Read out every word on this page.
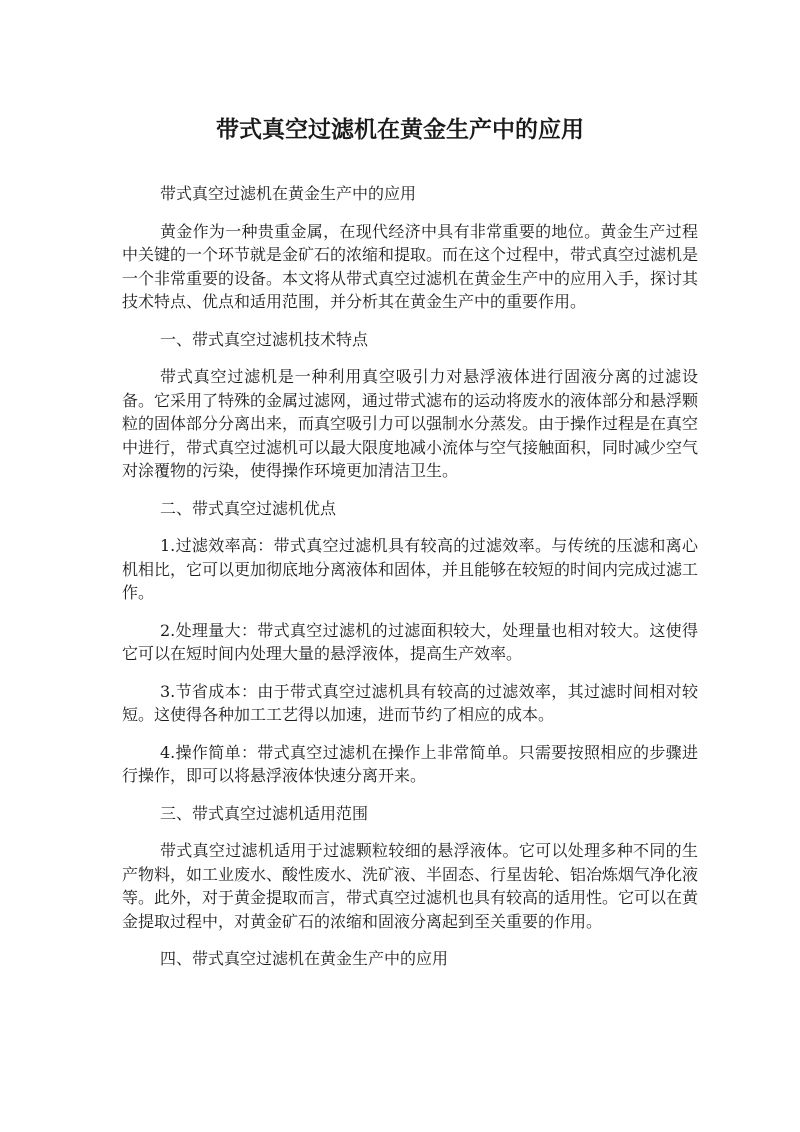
带式真空过滤机在黄金生产中的应用

带式真空过滤机在黄金生产中的应用

黄金作为一种贵重金属，在现代经济中具有非常重要的地位。黄金生产过程中关键的一个环节就是金矿石的浓缩和提取。而在这个过程中，带式真空过滤机是一个非常重要的设备。本文将从带式真空过滤机在黄金生产中的应用入手，探讨其技术特点、优点和适用范围，并分析其在黄金生产中的重要作用。

一、带式真空过滤机技术特点

带式真空过滤机是一种利用真空吸引力对悬浮液体进行固液分离的过滤设备。它采用了特殊的金属过滤网，通过带式滤布的运动将废水的液体部分和悬浮颗粒的固体部分分离出来，而真空吸引力可以强制水分蒸发。由于操作过程是在真空中进行，带式真空过滤机可以最大限度地减小流体与空气接触面积，同时减少空气对涂覆物的污染，使得操作环境更加清洁卫生。

二、带式真空过滤机优点

1.过滤效率高：带式真空过滤机具有较高的过滤效率。与传统的压滤和离心机相比，它可以更加彻底地分离液体和固体，并且能够在较短的时间内完成过滤工作。

2.处理量大：带式真空过滤机的过滤面积较大，处理量也相对较大。这使得它可以在短时间内处理大量的悬浮液体，提高生产效率。

3.节省成本：由于带式真空过滤机具有较高的过滤效率，其过滤时间相对较短。这使得各种加工工艺得以加速，进而节约了相应的成本。

4.操作简单：带式真空过滤机在操作上非常简单。只需要按照相应的步骤进行操作，即可以将悬浮液体快速分离开来。

三、带式真空过滤机适用范围

带式真空过滤机适用于过滤颗粒较细的悬浮液体。它可以处理多种不同的生产物料，如工业废水、酸性废水、洗矿液、半固态、行星齿轮、铝冶炼烟气净化液等。此外，对于黄金提取而言，带式真空过滤机也具有较高的适用性。它可以在黄金提取过程中，对黄金矿石的浓缩和固液分离起到至关重要的作用。

四、带式真空过滤机在黄金生产中的应用
